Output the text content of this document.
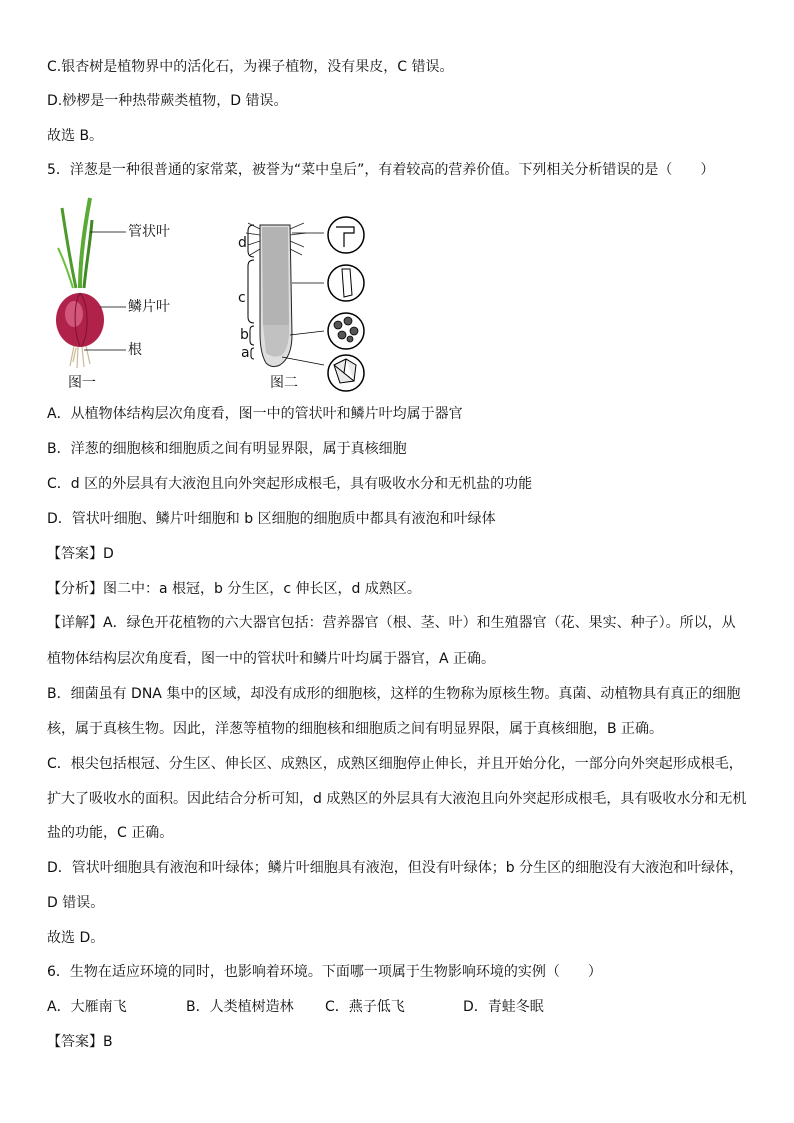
C.银杏树是植物界中的活化石，为裸子植物，没有果皮，C 错误。
D.桫椤是一种热带蕨类植物，D 错误。
故选 B。
5．洋葱是一种很普通的家常菜，被誉为“菜中皇后”，有着较高的营养价值。下列相关分析错误的是（　　）
管状叶
鳞片叶
根
图一
d
c
b
a
图二
A．从植物体结构层次角度看，图一中的管状叶和鳞片叶均属于器官
B．洋葱的细胞核和细胞质之间有明显界限，属于真核细胞
C．d 区的外层具有大液泡且向外突起形成根毛，具有吸收水分和无机盐的功能
D．管状叶细胞、鳞片叶细胞和 b 区细胞的细胞质中都具有液泡和叶绿体
【答案】D
【分析】图二中：a 根冠，b 分生区，c 伸长区，d 成熟区。
【详解】A．绿色开花植物的六大器官包括：营养器官（根、茎、叶）和生殖器官（花、果实、种子）。所以，从
植物体结构层次角度看，图一中的管状叶和鳞片叶均属于器官，A 正确。
B．细菌虽有 DNA 集中的区域，却没有成形的细胞核，这样的生物称为原核生物。真菌、动植物具有真正的细胞
核，属于真核生物。因此，洋葱等植物的细胞核和细胞质之间有明显界限，属于真核细胞，B 正确。
C．根尖包括根冠、分生区、伸长区、成熟区，成熟区细胞停止伸长，并且开始分化，一部分向外突起形成根毛，
扩大了吸收水的面积。因此结合分析可知，d 成熟区的外层具有大液泡且向外突起形成根毛，具有吸收水分和无机
盐的功能，C 正确。
D．管状叶细胞具有液泡和叶绿体；鳞片叶细胞具有液泡，但没有叶绿体；b 分生区的细胞没有大液泡和叶绿体，
D 错误。
故选 D。
6．生物在适应环境的同时，也影响着环境。下面哪一项属于生物影响环境的实例（　　）
A．大雁南飞	B．人类植树造林 C．燕子低飞	D．青蛙冬眠
【答案】B
